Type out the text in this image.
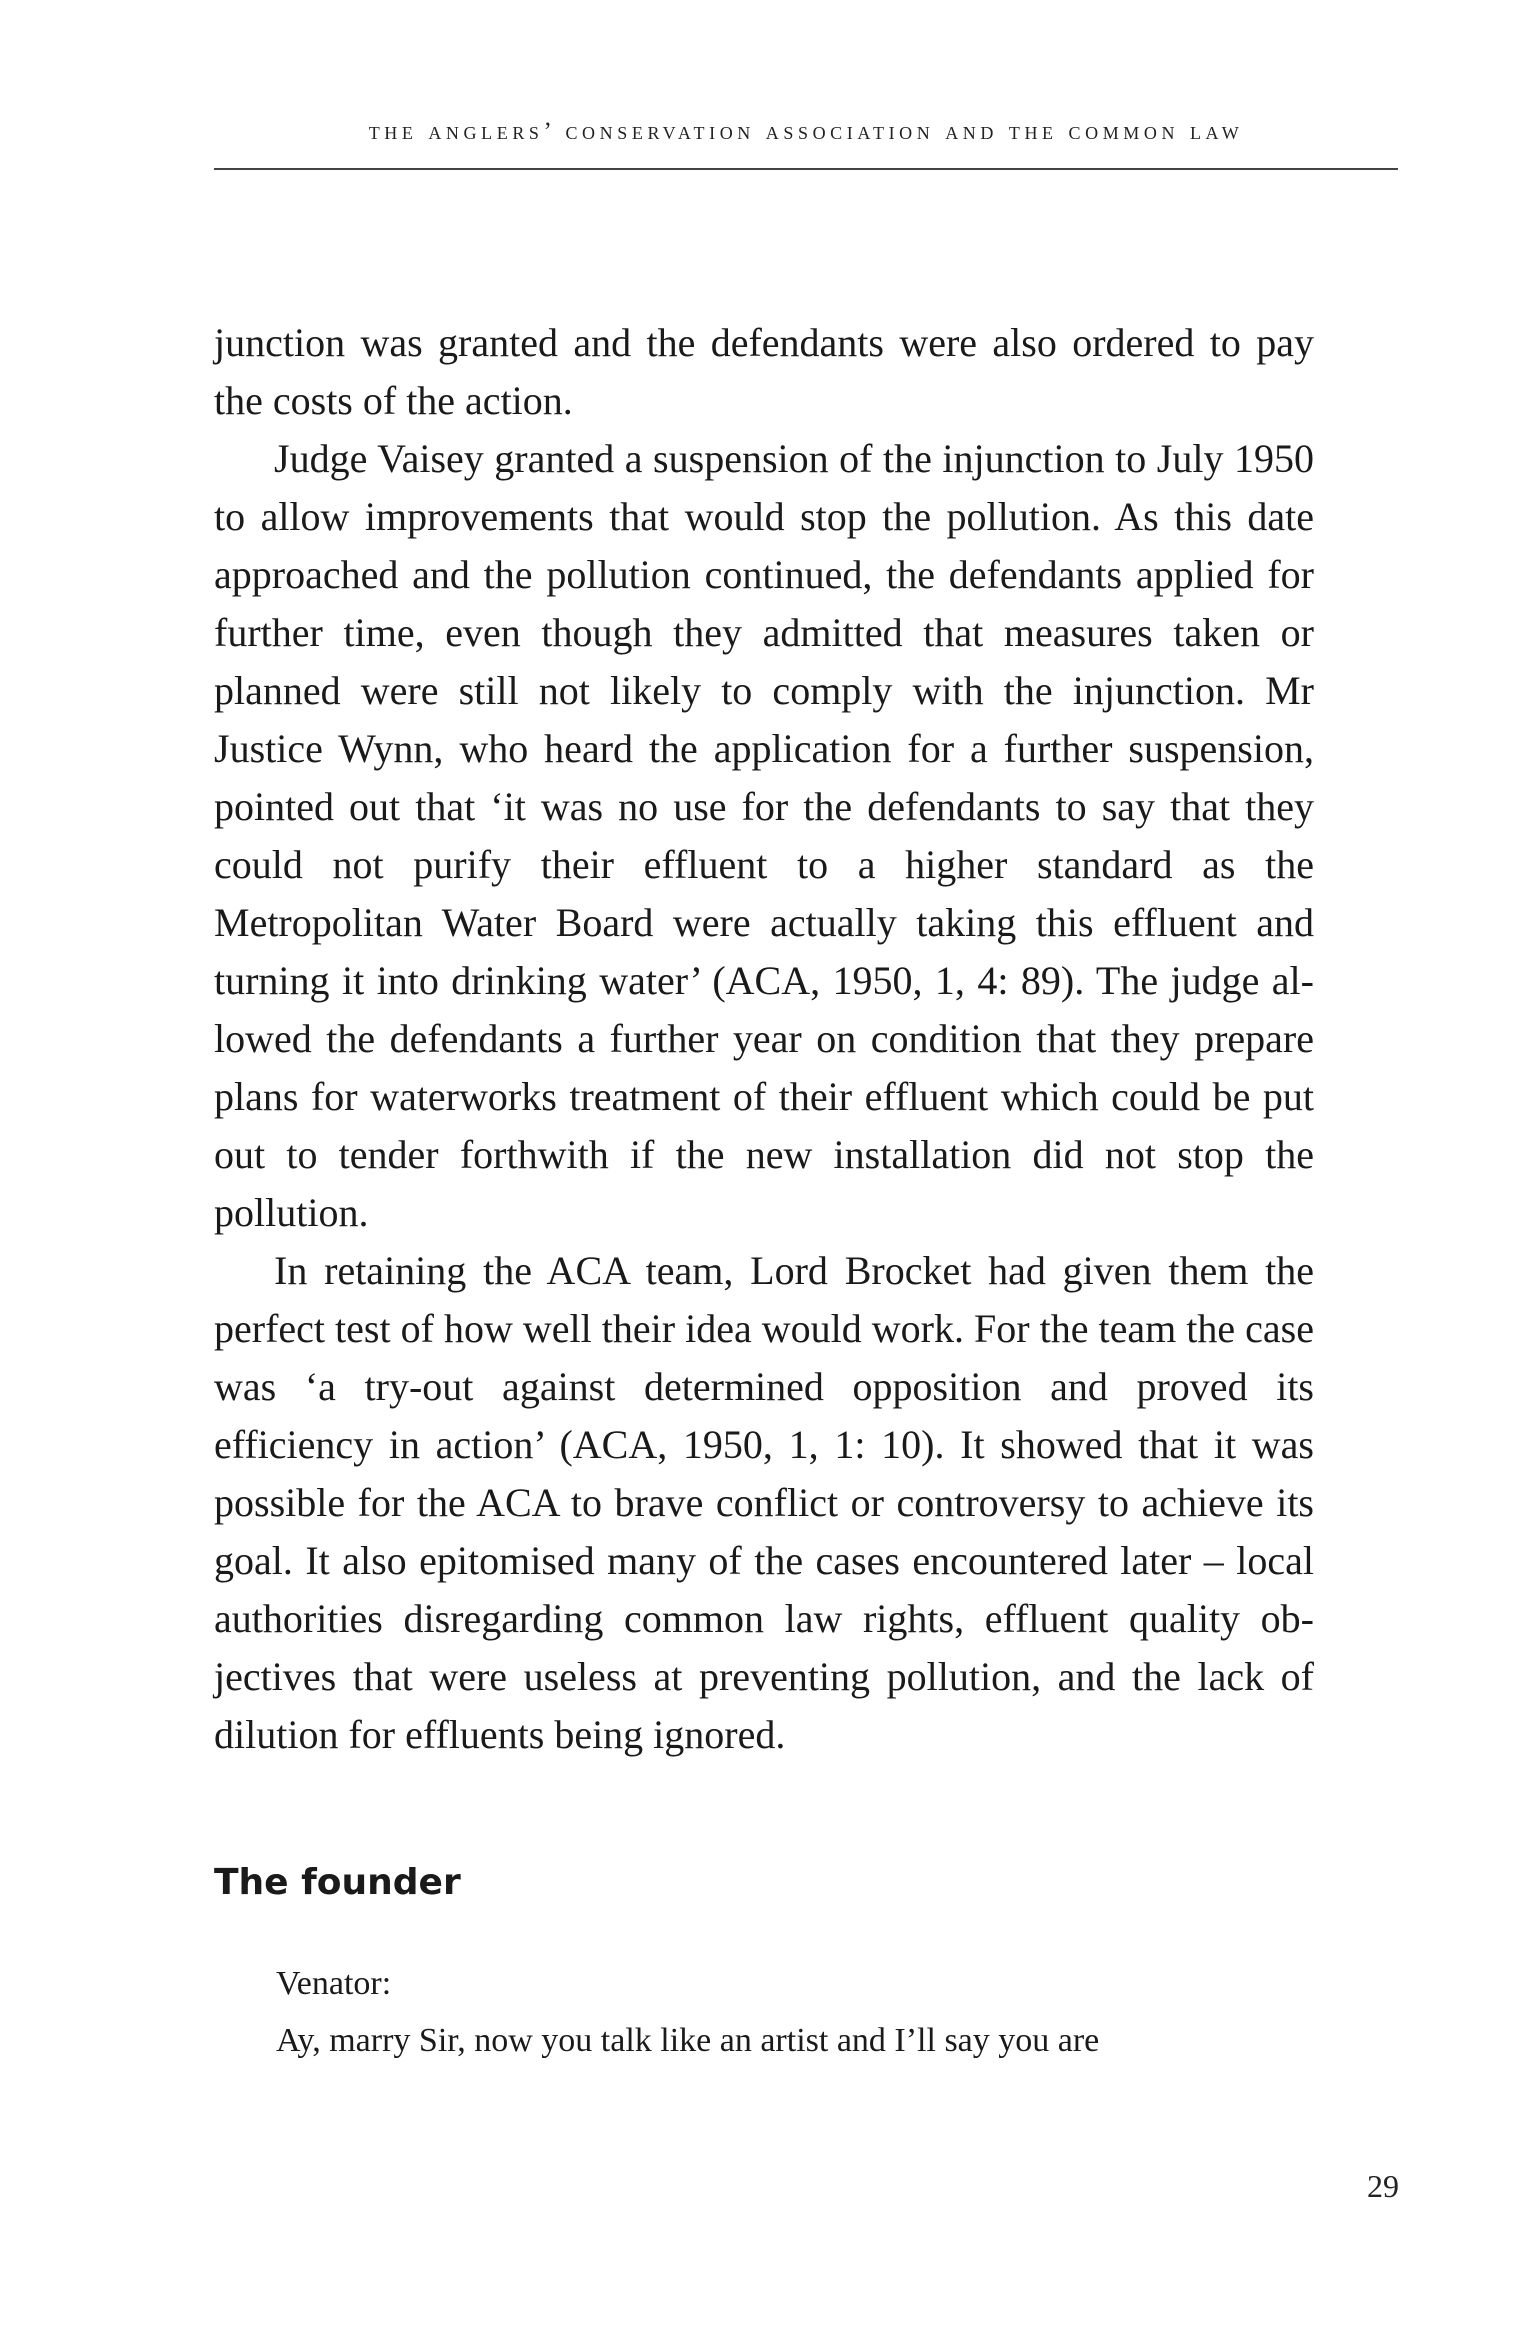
the anglers’ conservation association and the common law

junction was granted and the defendants were also ordered to pay the costs of the action.

Judge Vaisey granted a suspension of the injunction to July 1950 to allow improvements that would stop the pollution. As this date approached and the pollution continued, the defendants applied for further time, even though they admitted that measures taken or planned were still not likely to comply with the injunction. Mr Justice Wynn, who heard the application for a further suspension, pointed out that ‘it was no use for the defendants to say that they could not purify their effluent to a higher standard as the Metropolitan Water Board were actually taking this effluent and turning it into drinking water’ (ACA, 1950, 1, 4: 89). The judge allowed the defendants a further year on condition that they prepare plans for waterworks treatment of their effluent which could be put out to tender forthwith if the new installation did not stop the pollution.

In retaining the ACA team, Lord Brocket had given them the perfect test of how well their idea would work. For the team the case was ‘a try-out against determined opposition and proved its efficiency in action’ (ACA, 1950, 1, 1: 10). It showed that it was possible for the ACA to brave conflict or controversy to achieve its goal. It also epitomised many of the cases encountered later – local authorities disregarding common law rights, effluent quality objectives that were useless at preventing pollution, and the lack of dilution for effluents being ignored.

The founder
Venator:
Ay, marry Sir, now you talk like an artist and I’ll say you are
29
